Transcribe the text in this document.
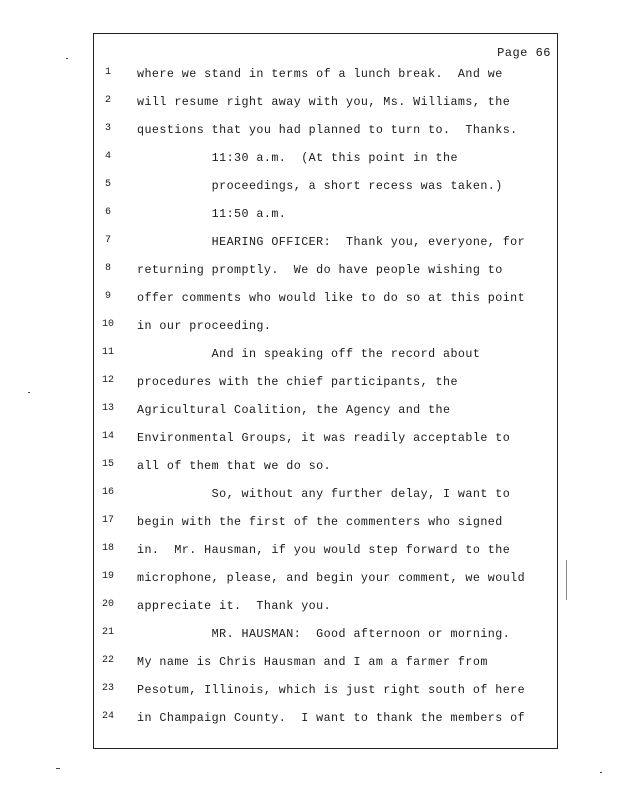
Page 66
1
2
3
4
5
6
7
8
9
10
11
12
13
14
15
16
17
18
19
20
21
22
23
24
where we stand in terms of a lunch break.  And we
will resume right away with you, Ms. Williams, the
questions that you had planned to turn to.  Thanks.
11:30 a.m.  (At this point in the
proceedings, a short recess was taken.)
11:50 a.m.
HEARING OFFICER:  Thank you, everyone, for
returning promptly.  We do have people wishing to
offer comments who would like to do so at this point
in our proceeding.
And in speaking off the record about
procedures with the chief participants, the
Agricultural Coalition, the Agency and the
Environmental Groups, it was readily acceptable to
all of them that we do so.
So, without any further delay, I want to
begin with the first of the commenters who signed
in.  Mr. Hausman, if you would step forward to the
microphone, please, and begin your comment, we would
appreciate it.  Thank you.
MR. HAUSMAN:  Good afternoon or morning.
My name is Chris Hausman and I am a farmer from
Pesotum, Illinois, which is just right south of here
in Champaign County.  I want to thank the members of
